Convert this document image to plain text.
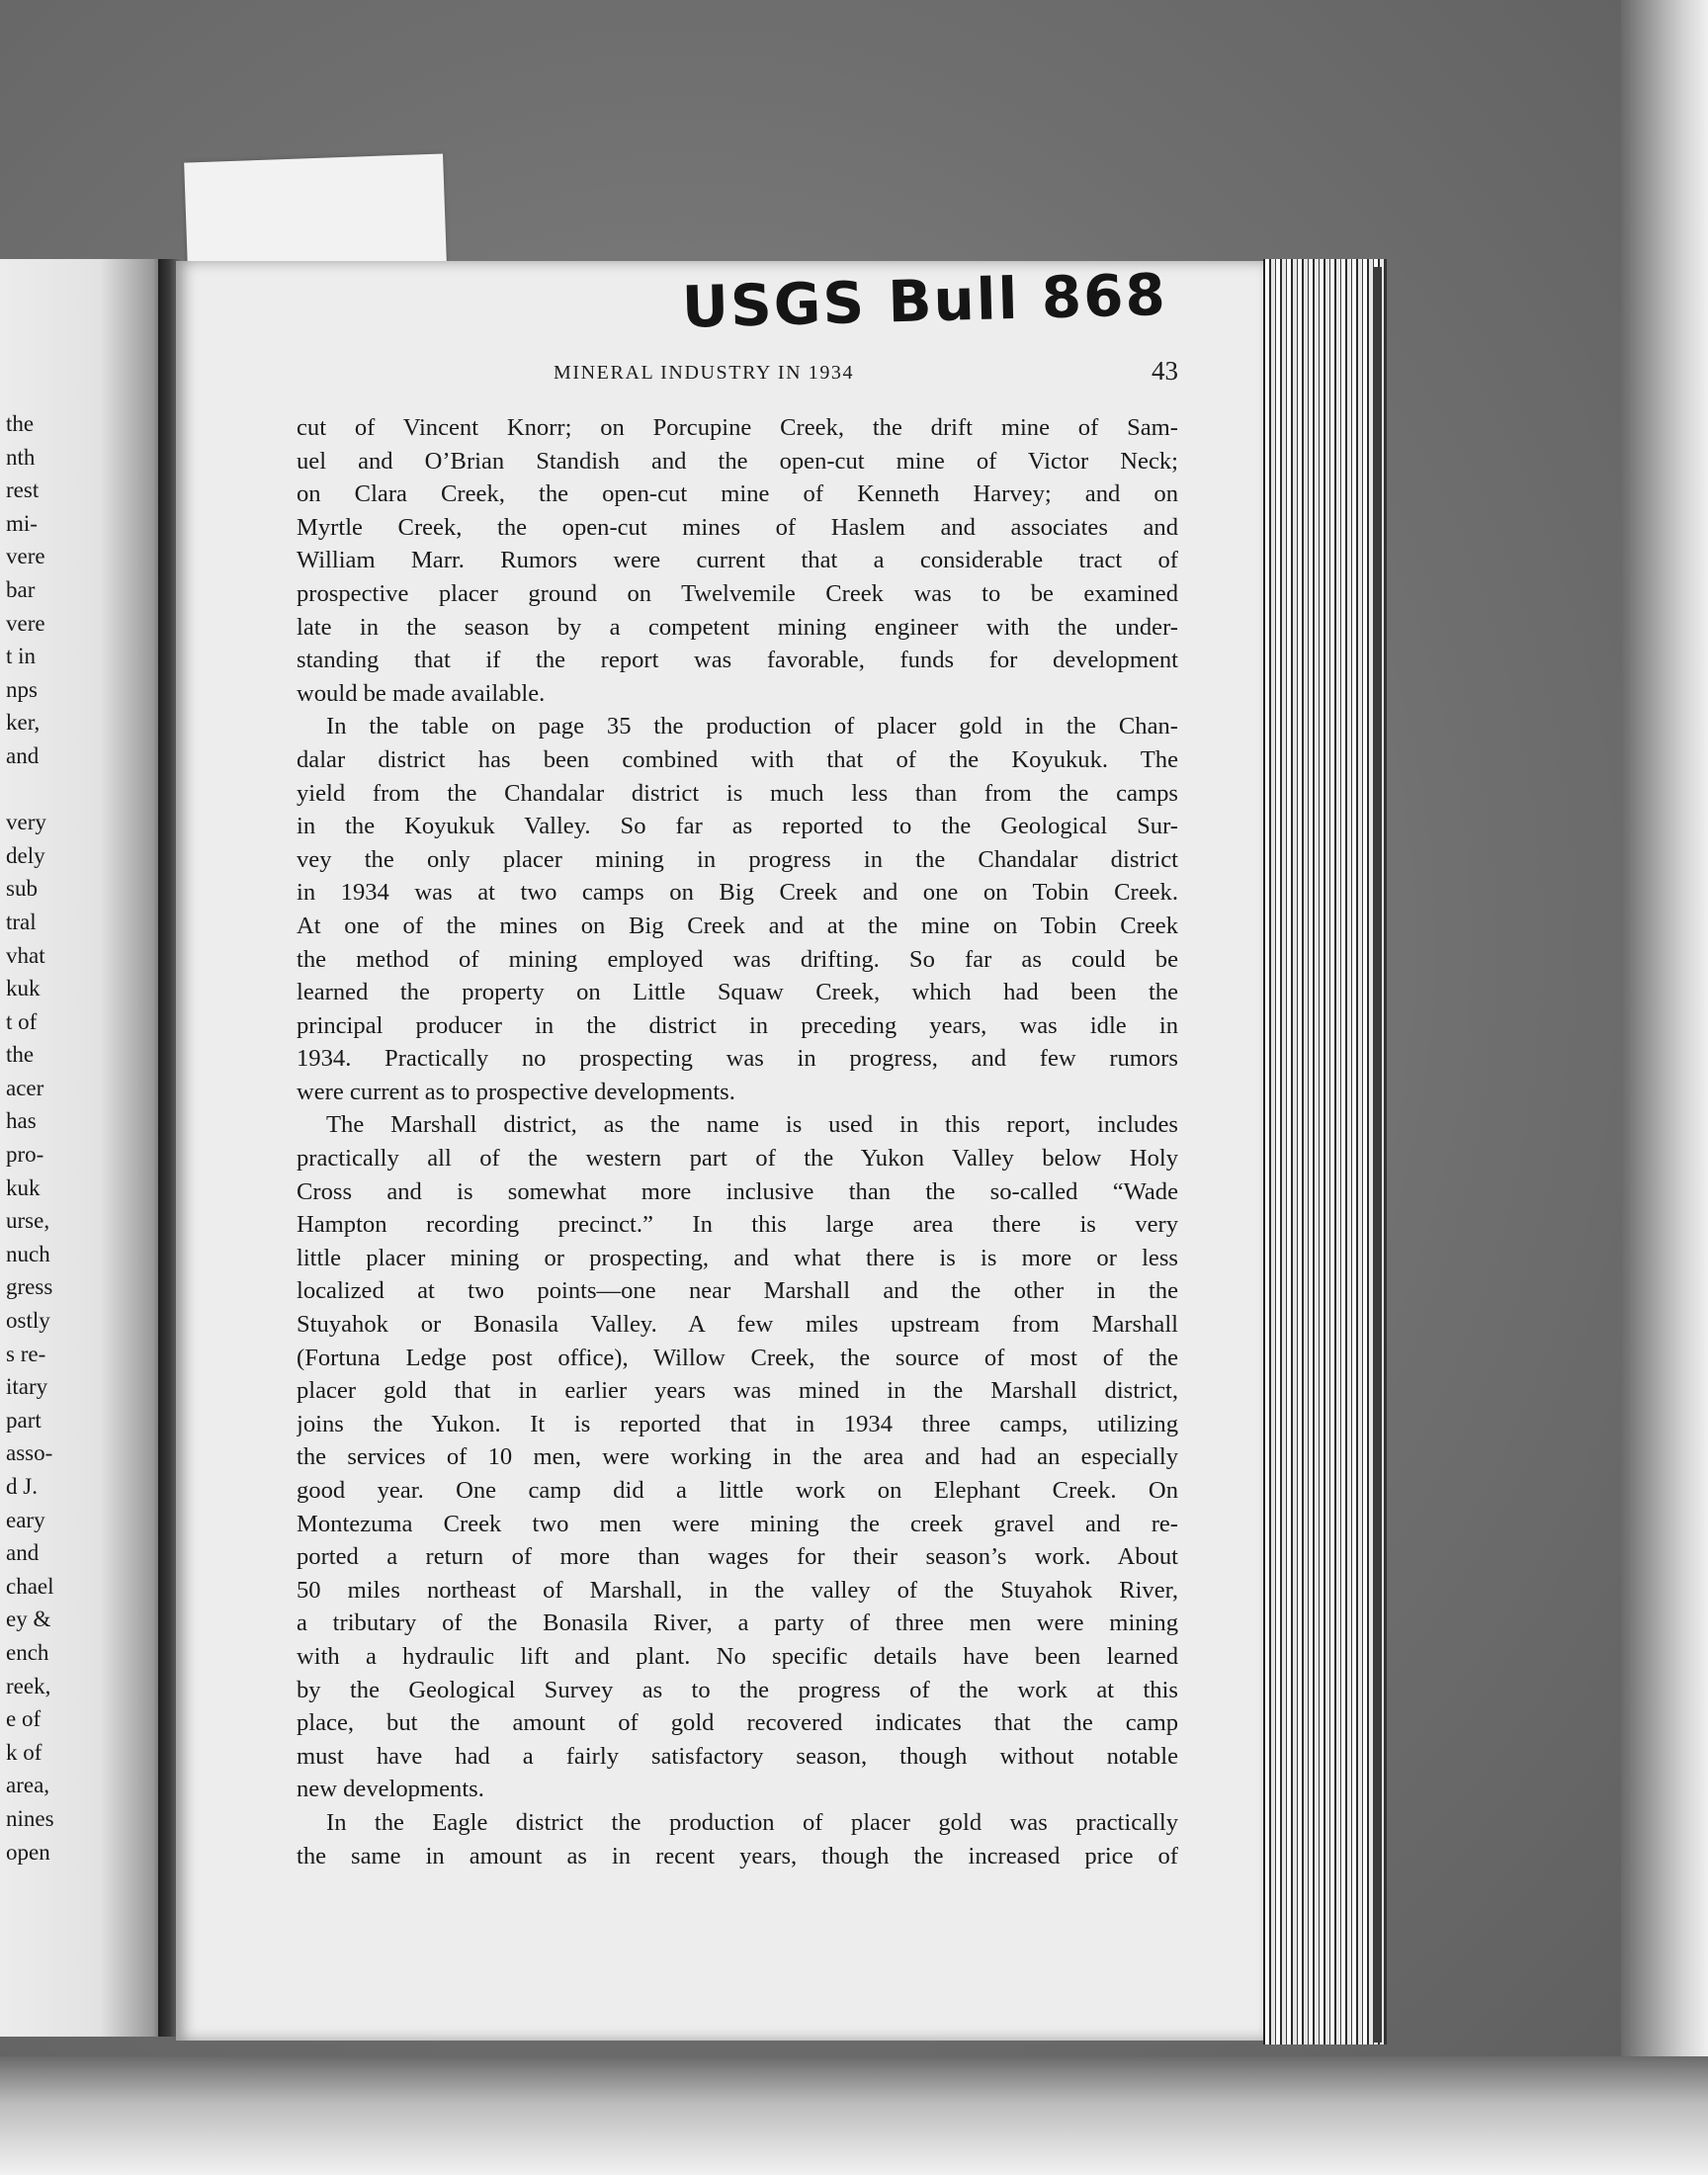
the
nth
rest
mi-
vere
bar
vere
t in
nps
ker,
and
very
dely
sub
tral
vhat
kuk
t of
the
acer
has
pro-
kuk
urse,
nuch
gress
ostly
s re-
itary
part
asso-
d J.
eary
and
chael
ey &
ench
reek,
e of
k of
area,
nines
open
USGS Bull 868
MINERAL INDUSTRY IN 1934	43
cut of Vincent Knorr; on Porcupine Creek, the drift mine of Sam-
uel and O’Brian Standish and the open-cut mine of Victor Neck;
on Clara Creek, the open-cut mine of Kenneth Harvey; and on
Myrtle Creek, the open-cut mines of Haslem and associates and
William Marr. Rumors were current that a considerable tract of
prospective placer ground on Twelvemile Creek was to be examined
late in the season by a competent mining engineer with the under-
standing that if the report was favorable, funds for development
would be made available.
In the table on page 35 the production of placer gold in the Chan-
dalar district has been combined with that of the Koyukuk. The
yield from the Chandalar district is much less than from the camps
in the Koyukuk Valley. So far as reported to the Geological Sur-
vey the only placer mining in progress in the Chandalar district
in 1934 was at two camps on Big Creek and one on Tobin Creek.
At one of the mines on Big Creek and at the mine on Tobin Creek
the method of mining employed was drifting. So far as could be
learned the property on Little Squaw Creek, which had been the
principal producer in the district in preceding years, was idle in
1934. Practically no prospecting was in progress, and few rumors
were current as to prospective developments.
The Marshall district, as the name is used in this report, includes
practically all of the western part of the Yukon Valley below Holy
Cross and is somewhat more inclusive than the so-called “Wade
Hampton recording precinct.” In this large area there is very
little placer mining or prospecting, and what there is is more or less
localized at two points—one near Marshall and the other in the
Stuyahok or Bonasila Valley. A few miles upstream from Marshall
(Fortuna Ledge post office), Willow Creek, the source of most of the
placer gold that in earlier years was mined in the Marshall district,
joins the Yukon. It is reported that in 1934 three camps, utilizing
the services of 10 men, were working in the area and had an especially
good year. One camp did a little work on Elephant Creek. On
Montezuma Creek two men were mining the creek gravel and re-
ported a return of more than wages for their season’s work. About
50 miles northeast of Marshall, in the valley of the Stuyahok River,
a tributary of the Bonasila River, a party of three men were mining
with a hydraulic lift and plant. No specific details have been learned
by the Geological Survey as to the progress of the work at this
place, but the amount of gold recovered indicates that the camp
must have had a fairly satisfactory season, though without notable
new developments.
In the Eagle district the production of placer gold was practically
the same in amount as in recent years, though the increased price of
